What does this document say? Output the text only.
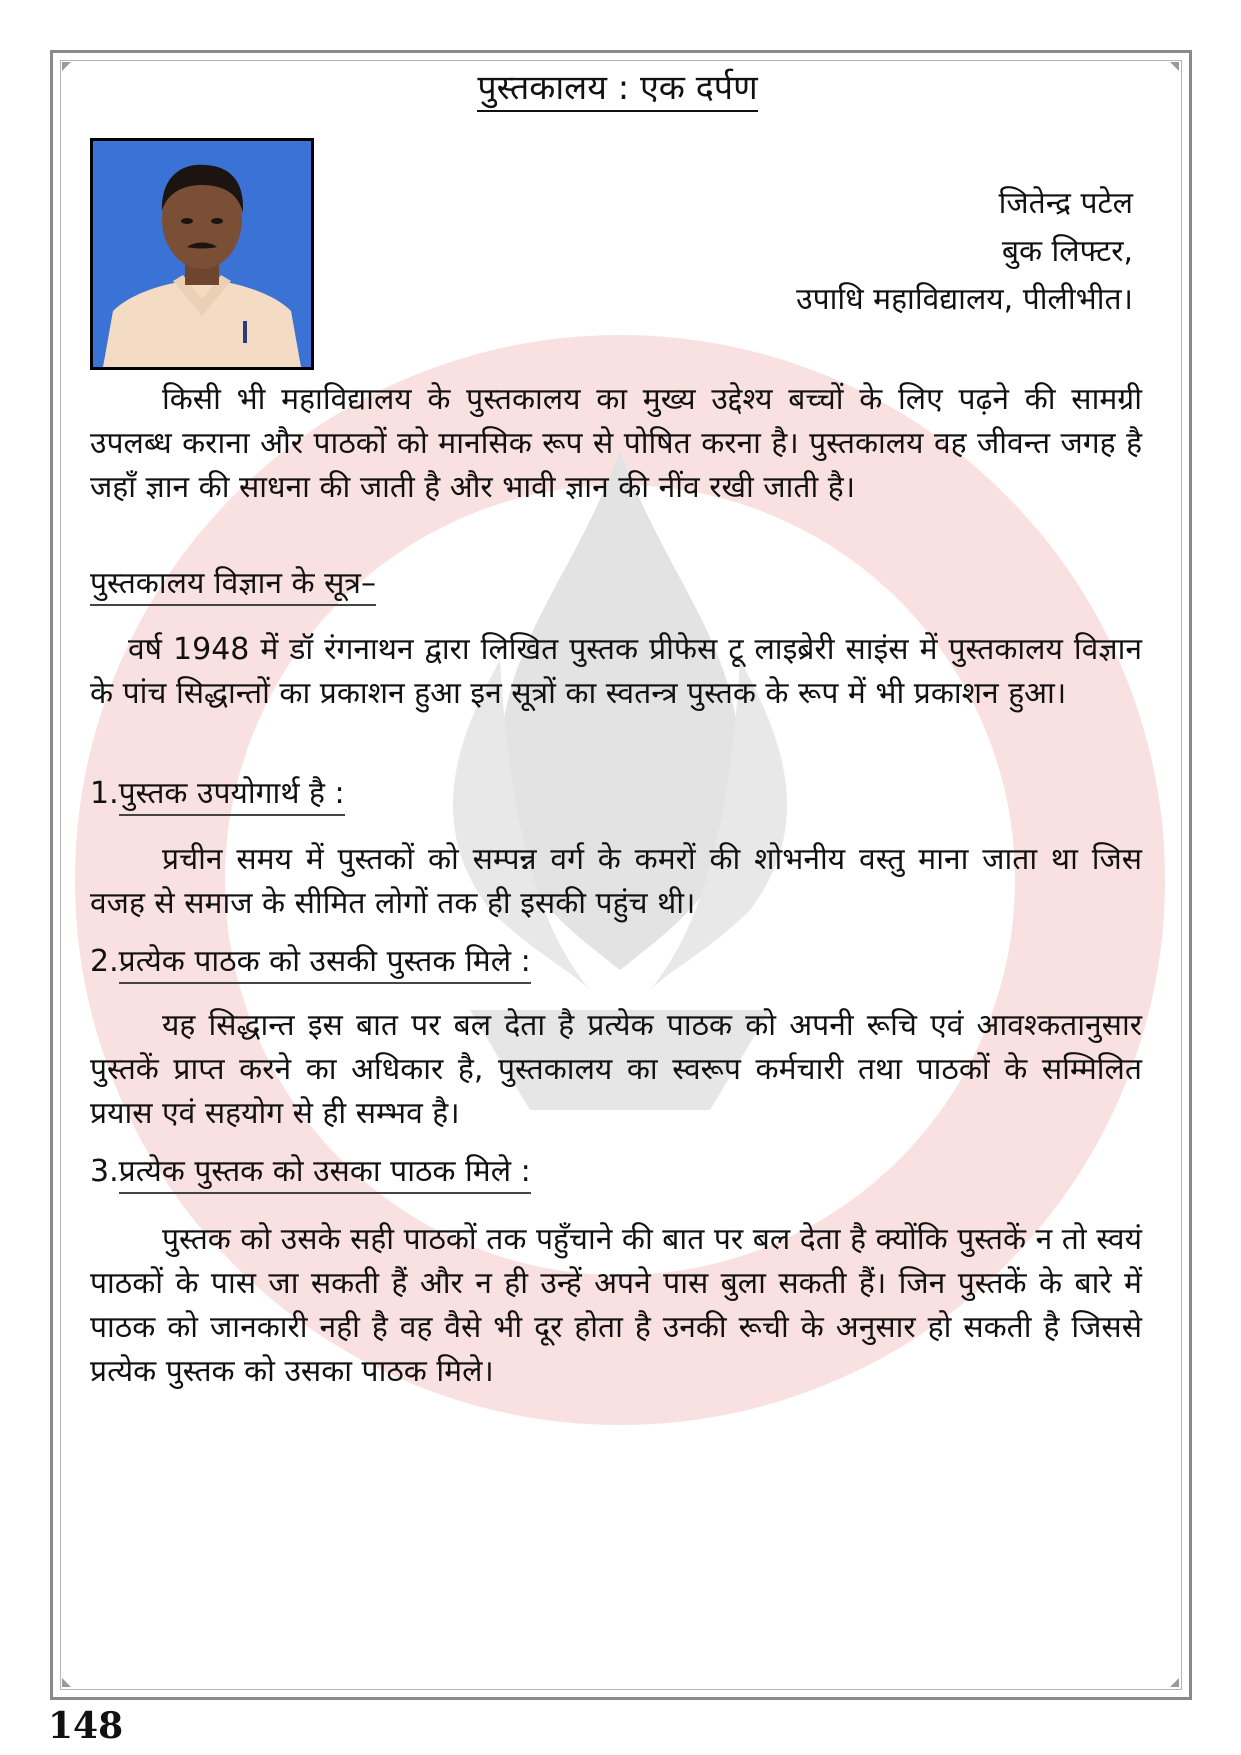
पुस्तकालय : एक दर्पण
जितेन्द्र पटेल
बुक लिफ्टर,
उपाधि महाविद्यालय, पीलीभीत।

किसी भी महाविद्यालय के पुस्तकालय का मुख्य उद्देश्य बच्चों के लिए पढ़ने की सामग्री उपलब्ध कराना और पाठकों को मानसिक रूप से पोषित करना है। पुस्तकालय वह जीवन्त जगह है जहाँ ज्ञान की साधना की जाती है और भावी ज्ञान की नींव रखी जाती है।

पुस्तकालय विज्ञान के सूत्र–

वर्ष 1948 में डॉ रंगनाथन द्वारा लिखित पुस्तक प्रीफेस टू लाइब्रेरी साइंस में पुस्तकालय विज्ञान के पांच सिद्धान्तों का प्रकाशन हुआ इन सूत्रों का स्वतन्त्र पुस्तक के रूप में भी प्रकाशन हुआ।

1.पुस्तक उपयोगार्थ है :

प्रचीन समय में पुस्तकों को सम्पन्न वर्ग के कमरों की शोभनीय वस्तु माना जाता था जिस वजह से समाज के सीमित लोगों तक ही इसकी पहुंच थी।

2.प्रत्येक पाठक को उसकी पुस्तक मिले :

यह सिद्धान्त इस बात पर बल देता है प्रत्येक पाठक को अपनी रूचि एवं आवश्कतानुसार पुस्तकें प्राप्त करने का अधिकार है, पुस्तकालय का स्वरूप कर्मचारी तथा पाठकों के सम्मिलित प्रयास एवं सहयोग से ही सम्भव है।

3.प्रत्येक पुस्तक को उसका पाठक मिले :

पुस्तक को उसके सही पाठकों तक पहुँचाने की बात पर बल देता है क्योंकि पुस्तकें न तो स्वयं पाठकों के पास जा सकती हैं और न ही उन्हें अपने पास बुला सकती हैं। जिन पुस्तकें के बारे में पाठक को जानकारी नही है वह वैसे भी दूर होता है उनकी रूची के अनुसार हो सकती है जिससे प्रत्येक पुस्तक को उसका पाठक मिले।

148
